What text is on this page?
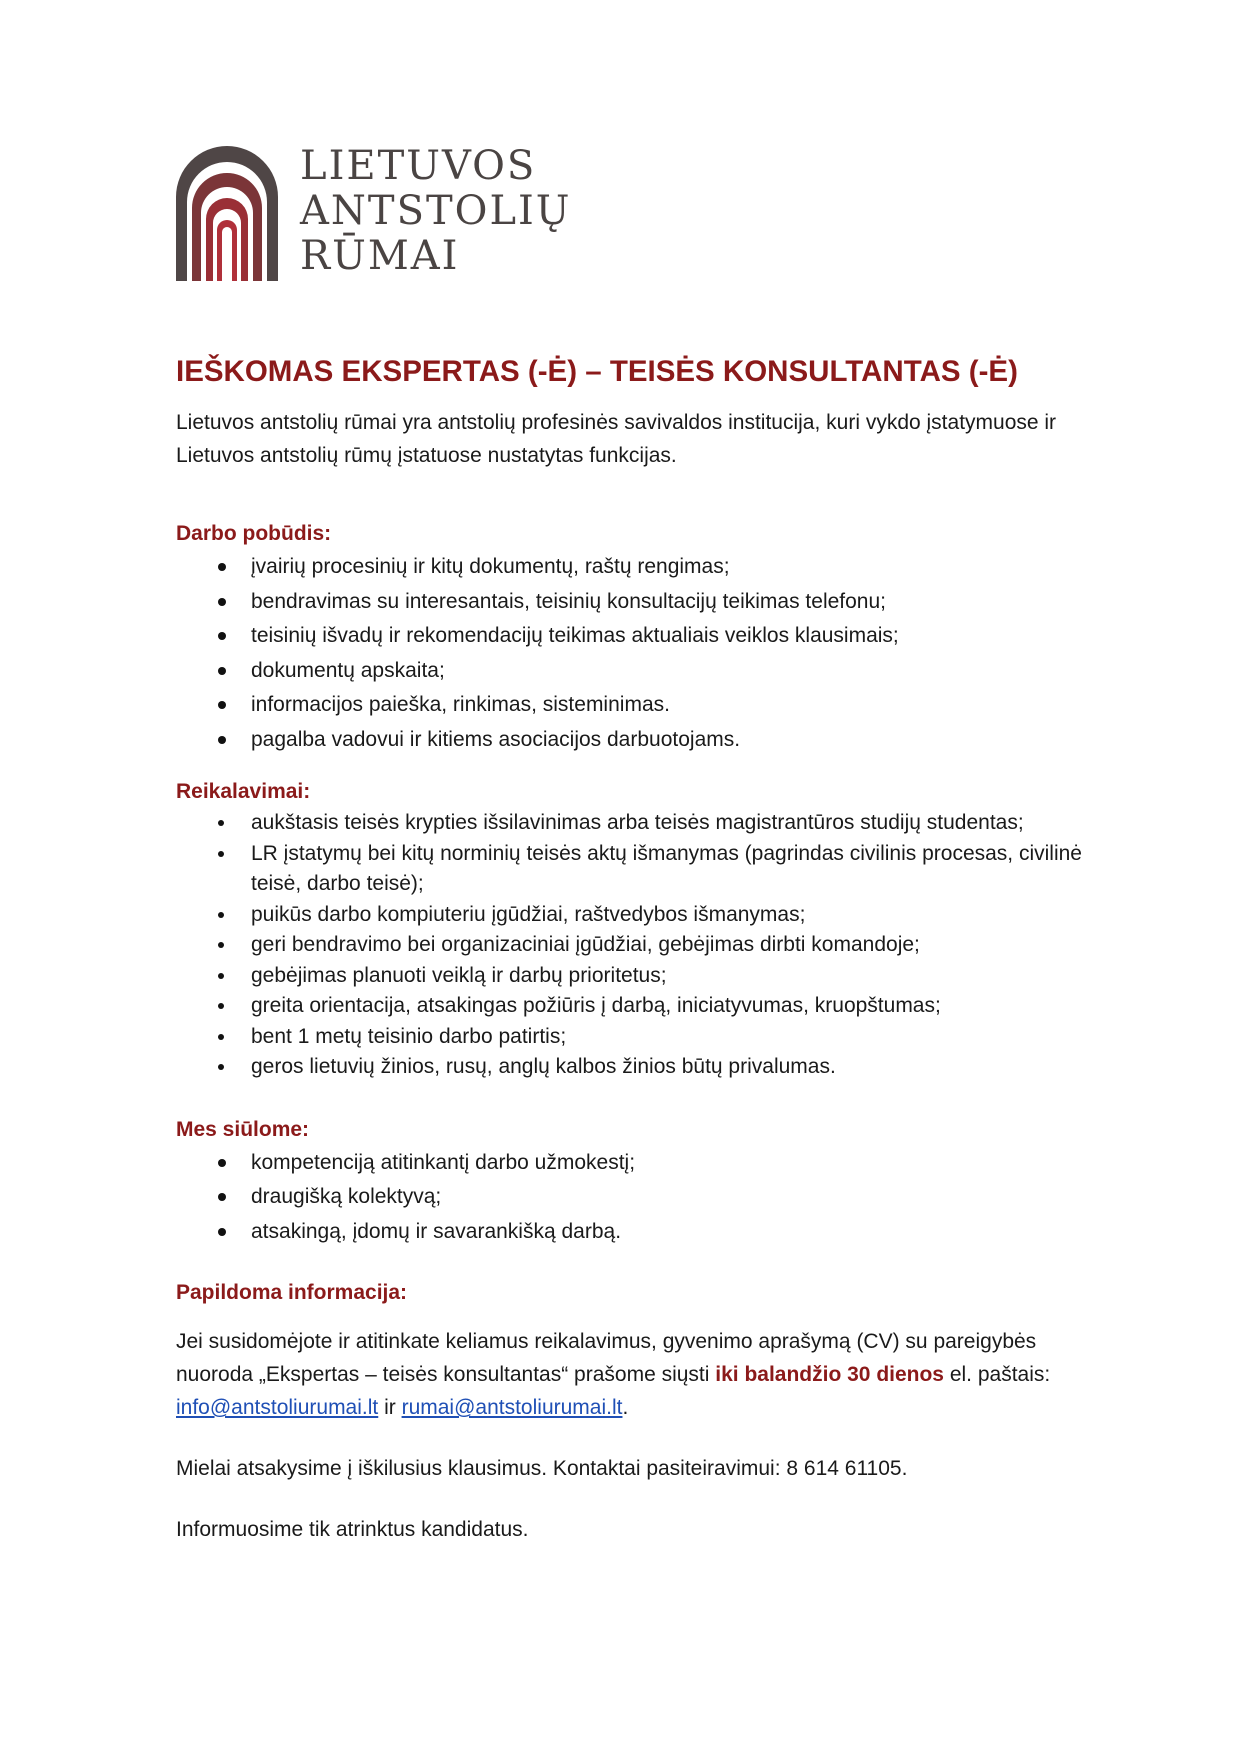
LIETUVOS
ANTSTOLIŲ
RŪMAI
IEŠKOMAS EKSPERTAS (-Ė) – TEISĖS KONSULTANTAS (-Ė)

Lietuvos antstolių rūmai yra antstolių profesinės savivaldos institucija, kuri vykdo įstatymuose ir

Lietuvos antstolių rūmų įstatuose nustatytas funkcijas.

Darbo pobūdis:
įvairių procesinių ir kitų dokumentų, raštų rengimas;
bendravimas su interesantais, teisinių konsultacijų teikimas telefonu;
teisinių išvadų ir rekomendacijų teikimas aktualiais veiklos klausimais;
dokumentų apskaita;
informacijos paieška, rinkimas, sisteminimas.
pagalba vadovui ir kitiems asociacijos darbuotojams.
Reikalavimai:
aukštasis teisės krypties išsilavinimas arba teisės magistrantūros studijų studentas;
LR įstatymų bei kitų norminių teisės aktų išmanymas (pagrindas civilinis procesas, civilinė
teisė, darbo teisė);
puikūs darbo kompiuteriu įgūdžiai, raštvedybos išmanymas;
geri bendravimo bei organizaciniai įgūdžiai, gebėjimas dirbti komandoje;
gebėjimas planuoti veiklą ir darbų prioritetus;
greita orientacija, atsakingas požiūris į darbą, iniciatyvumas, kruopštumas;
bent 1 metų teisinio darbo patirtis;
geros lietuvių žinios, rusų, anglų kalbos žinios būtų privalumas.
Mes siūlome:
kompetenciją atitinkantį darbo užmokestį;
draugišką kolektyvą;
atsakingą, įdomų ir savarankišką darbą.
Papildoma informacija:

Jei susidomėjote ir atitinkate keliamus reikalavimus, gyvenimo aprašymą (CV) su pareigybės

nuoroda „Ekspertas – teisės konsultantas“ prašome siųsti iki balandžio 30 dienos el. paštais:

info@antstoliurumai.lt ir rumai@antstoliurumai.lt.

Mielai atsakysime į iškilusius klausimus. Kontaktai pasiteiravimui: 8 614 61105.

Informuosime tik atrinktus kandidatus.
